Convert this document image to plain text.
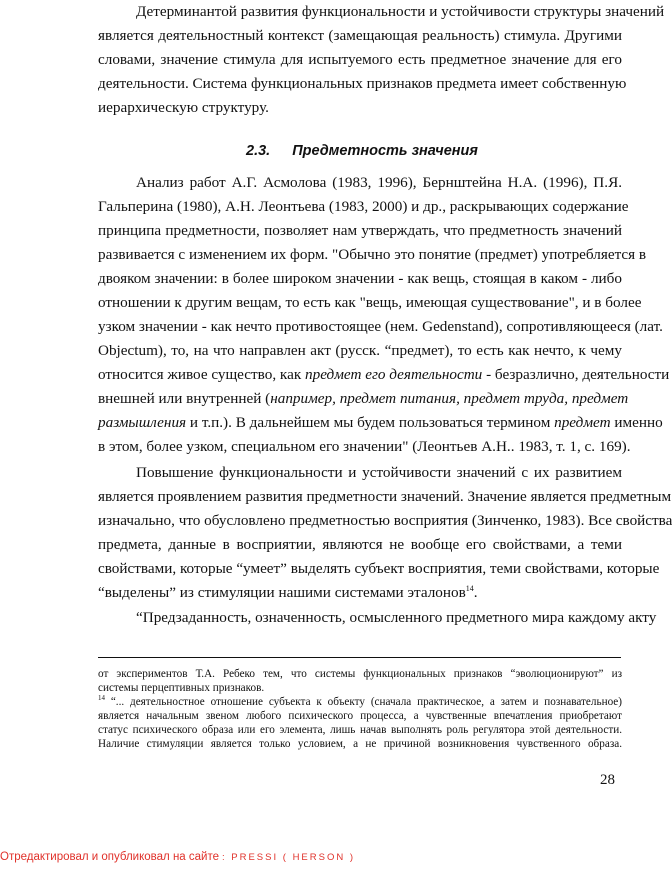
Детерминантой развития функциональности и устойчивости структуры значений
является деятельностный контекст (замещающая реальность) стимула. Другими
словами, значение стимула для испытуемого есть предметное значение для его
деятельности. Система функциональных признаков предмета имеет собственную
иерархическую структуру.
2.3. Предметность значения
Анализ работ А.Г. Асмолова (1983, 1996), Бернштейна Н.А. (1996), П.Я.
Гальперина (1980), А.Н. Леонтьева (1983, 2000) и др., раскрывающих содержание
принципа предметности, позволяет нам утверждать, что предметность значений
развивается с изменением их форм. "Обычно это понятие (предмет) употребляется в
двояком значении: в более широком значении - как вещь, стоящая в каком - либо
отношении к другим вещам, то есть как "вещь, имеющая существование", и в более
узком значении - как нечто противостоящее (нем. Gedenstand), сопротивляющееся (лат.
Objectum), то, на что направлен акт (русск. “предмет), то есть как нечто, к чему
относится живое существо, как предмет его деятельности - безразлично, деятельности
внешней или внутренней (например, предмет питания, предмет труда, предмет
размышления и т.п.). В дальнейшем мы будем пользоваться термином предмет именно
в этом, более узком, специальном его значении" (Леонтьев А.Н.. 1983, т. 1, с. 169).
Повышение функциональности и устойчивости значений с их развитием
является проявлением развития предметности значений. Значение является предметным
изначально, что обусловлено предметностью восприятия (Зинченко, 1983). Все свойства
предмета, данные в восприятии, являются не вообще его свойствами, а теми
свойствами, которые “умеет” выделять субъект восприятия, теми свойствами, которые
“выделены” из стимуляции нашими системами эталонов$^{14}$.
“Предзаданность, означенность, осмысленного предметного мира каждому акту
от экспериментов Т.А. Ребеко тем, что системы функциональных признаков “эволюционируют” из
системы перцептивных признаков.
$^{14}$ “... деятельностное отношение субъекта к объекту (сначала практическое, а затем и познавательное)
является начальным звеном любого психического процесса, а чувственные впечатления приобретают
статус психического образа или его элемента, лишь начав выполнять роль регулятора этой деятельности.
Наличие стимуляции является только условием, а не причиной возникновения чувственного образа.
28
Отредактировал и опубликовал на сайте : PRESSI ( HERSON )
